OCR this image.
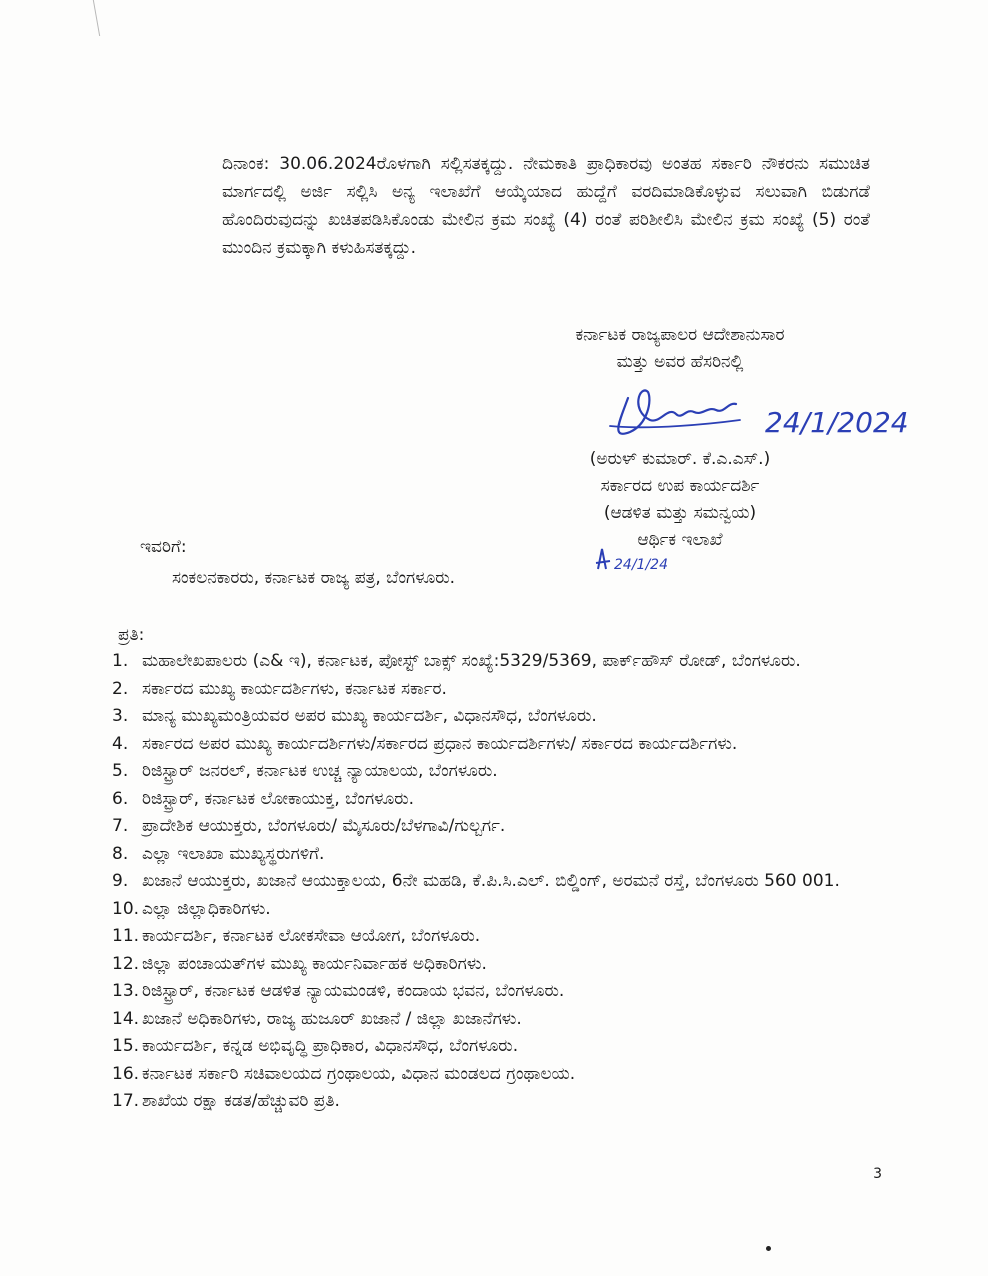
ದಿನಾಂಕ: 30.06.2024ರೊಳಗಾಗಿ ಸಲ್ಲಿಸತಕ್ಕದ್ದು. ನೇಮಕಾತಿ ಪ್ರಾಧಿಕಾರವು ಅಂತಹ ಸರ್ಕಾರಿ ನೌಕರನು ಸಮುಚಿತ ಮಾರ್ಗದಲ್ಲಿ ಅರ್ಜಿ ಸಲ್ಲಿಸಿ ಅನ್ಯ ಇಲಾಖೆಗೆ ಆಯ್ಕೆಯಾದ ಹುದ್ದೆಗೆ ವರದಿಮಾಡಿಕೊಳ್ಳುವ ಸಲುವಾಗಿ ಬಿಡುಗಡೆ ಹೊಂದಿರುವುದನ್ನು ಖಚಿತಪಡಿಸಿಕೊಂಡು ಮೇಲಿನ ಕ್ರಮ ಸಂಖ್ಯೆ (4) ರಂತೆ ಪರಿಶೀಲಿಸಿ ಮೇಲಿನ ಕ್ರಮ ಸಂಖ್ಯೆ (5) ರಂತೆ ಮುಂದಿನ ಕ್ರಮಕ್ಕಾಗಿ ಕಳುಹಿಸತಕ್ಕದ್ದು.

ಕರ್ನಾಟಕ ರಾಜ್ಯಪಾಲರ ಆದೇಶಾನುಸಾರ
ಮತ್ತು ಅವರ ಹೆಸರಿನಲ್ಲಿ
24/1/2024
(ಅರುಳ್ ಕುಮಾರ್. ಕೆ.ಎ.ಎಸ್.)
ಸರ್ಕಾರದ ಉಪ ಕಾರ್ಯದರ್ಶಿ
(ಆಡಳಿತ ಮತ್ತು ಸಮನ್ವಯ)
ಆರ್ಥಿಕ ಇಲಾಖೆ
24/1/24
ಇವರಿಗೆ:
ಸಂಕಲನಕಾರರು, ಕರ್ನಾಟಕ ರಾಜ್ಯ ಪತ್ರ, ಬೆಂಗಳೂರು.
ಪ್ರತಿ:
1. ಮಹಾಲೇಖಪಾಲರು (ಎ& ಇ), ಕರ್ನಾಟಕ, ಪೋಸ್ಟ್ ಬಾಕ್ಸ್ ಸಂಖ್ಯೆ:5329/5369, ಪಾರ್ಕ್‌ಹೌಸ್ ರೋಡ್, ಬೆಂಗಳೂರು.
2. ಸರ್ಕಾರದ ಮುಖ್ಯ ಕಾರ್ಯದರ್ಶಿಗಳು, ಕರ್ನಾಟಕ ಸರ್ಕಾರ.
3. ಮಾನ್ಯ ಮುಖ್ಯಮಂತ್ರಿಯವರ ಅಪರ ಮುಖ್ಯ ಕಾರ್ಯದರ್ಶಿ, ವಿಧಾನಸೌಧ, ಬೆಂಗಳೂರು.
4. ಸರ್ಕಾರದ ಅಪರ ಮುಖ್ಯ ಕಾರ್ಯದರ್ಶಿಗಳು/ಸರ್ಕಾರದ ಪ್ರಧಾನ ಕಾರ್ಯದರ್ಶಿಗಳು/ ಸರ್ಕಾರದ ಕಾರ್ಯದರ್ಶಿಗಳು.
5. ರಿಜಿಸ್ಟ್ರಾರ್ ಜನರಲ್, ಕರ್ನಾಟಕ ಉಚ್ಚ ನ್ಯಾಯಾಲಯ, ಬೆಂಗಳೂರು.
6. ರಿಜಿಸ್ಟ್ರಾರ್, ಕರ್ನಾಟಕ ಲೋಕಾಯುಕ್ತ, ಬೆಂಗಳೂರು.
7. ಪ್ರಾದೇಶಿಕ ಆಯುಕ್ತರು, ಬೆಂಗಳೂರು/ ಮೈಸೂರು/ಬೆಳಗಾವಿ/ಗುಲ್ಬರ್ಗ.
8. ಎಲ್ಲಾ ಇಲಾಖಾ ಮುಖ್ಯಸ್ಥರುಗಳಿಗೆ.
9. ಖಜಾನೆ ಆಯುಕ್ತರು, ಖಜಾನೆ ಆಯುಕ್ತಾಲಯ, 6ನೇ ಮಹಡಿ, ಕೆ.ಪಿ.ಸಿ.ಎಲ್. ಬಿಲ್ಡಿಂಗ್, ಅರಮನೆ ರಸ್ತೆ, ಬೆಂಗಳೂರು 560 001.
10. ಎಲ್ಲಾ ಜಿಲ್ಲಾಧಿಕಾರಿಗಳು.
11. ಕಾರ್ಯದರ್ಶಿ, ಕರ್ನಾಟಕ ಲೋಕಸೇವಾ ಆಯೋಗ, ಬೆಂಗಳೂರು.
12. ಜಿಲ್ಲಾ ಪಂಚಾಯತ್‌ಗಳ ಮುಖ್ಯ ಕಾರ್ಯನಿರ್ವಾಹಕ ಅಧಿಕಾರಿಗಳು.
13. ರಿಜಿಸ್ಟ್ರಾರ್, ಕರ್ನಾಟಕ ಆಡಳಿತ ನ್ಯಾಯಮಂಡಳಿ, ಕಂದಾಯ ಭವನ, ಬೆಂಗಳೂರು.
14. ಖಜಾನೆ ಅಧಿಕಾರಿಗಳು, ರಾಜ್ಯ ಹುಜೂರ್ ಖಜಾನೆ / ಜಿಲ್ಲಾ ಖಜಾನೆಗಳು.
15. ಕಾರ್ಯದರ್ಶಿ, ಕನ್ನಡ ಅಭಿವೃದ್ಧಿ ಪ್ರಾಧಿಕಾರ, ವಿಧಾನಸೌಧ, ಬೆಂಗಳೂರು.
16. ಕರ್ನಾಟಕ ಸರ್ಕಾರಿ ಸಚಿವಾಲಯದ ಗ್ರಂಥಾಲಯ, ವಿಧಾನ ಮಂಡಲದ ಗ್ರಂಥಾಲಯ.
17. ಶಾಖೆಯ ರಕ್ಷಾ ಕಡತ/ಹೆಚ್ಚುವರಿ ಪ್ರತಿ.
3
